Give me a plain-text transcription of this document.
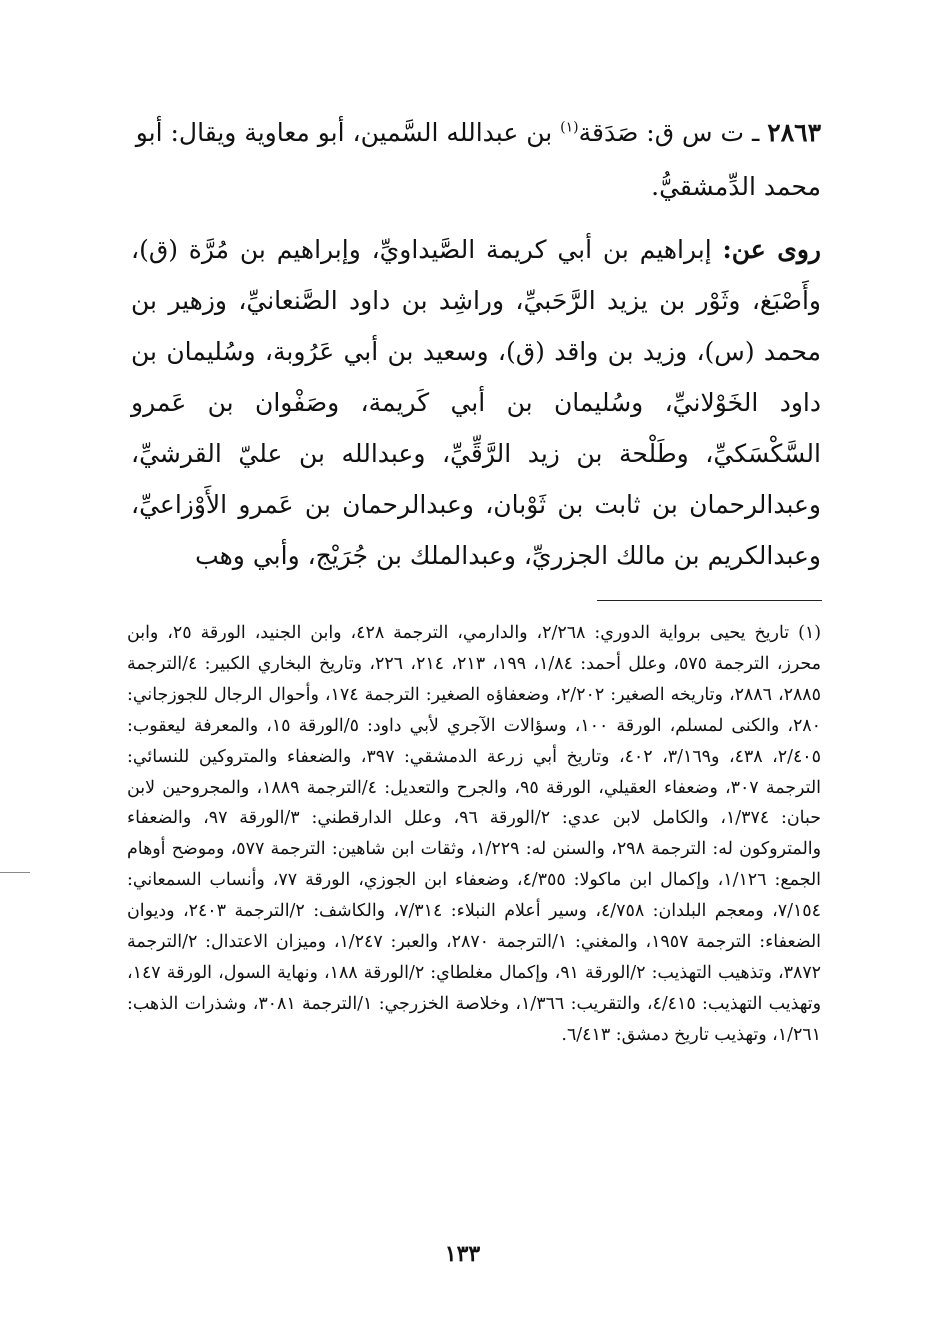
٢٨٦٣ ـ ت س ق: صَدَقة$^{(١)}$ بن عبدالله السَّمين، أبو معاوية ويقال: أبو محمد الدِّمشقيُّ.

روى عن: إبراهيم بن أبي كريمة الصَّيداويِّ، وإبراهيم بن مُرَّة (ق)، وأَصْبَغ، وثَوْر بن يزيد الرَّحَبيِّ، وراشِد بن داود الصَّنعانيِّ، وزهير بن محمد (س)، وزيد بن واقد (ق)، وسعيد بن أبي عَرُوبة، وسُليمان بن داود الخَوْلانيِّ، وسُليمان بن أبي كَريمة، وصَفْوان بن عَمرو السَّكْسَكيِّ، وطَلْحة بن زيد الرَّقِّيِّ، وعبدالله بن عليّ القرشيِّ، وعبدالرحمان بن ثابت بن ثَوْبان، وعبدالرحمان بن عَمرو الأَوْزاعيِّ، وعبدالكريم بن مالك الجزريِّ، وعبدالملك بن جُرَيْج، وأبي وهب

(١) تاريخ يحيى برواية الدوري: ٢/٢٦٨، والدارمي، الترجمة ٤٢٨، وابن الجنيد، الورقة ٢٥، وابن محرز، الترجمة ٥٧٥، وعلل أحمد: ١/٨٤، ١٩٩، ٢١٣، ٢١٤، ٢٢٦، وتاريخ البخاري الكبير: ٤/الترجمة ٢٨٨٥، ٢٨٨٦، وتاريخه الصغير: ٢/٢٠٢، وضعفاؤه الصغير: الترجمة ١٧٤، وأحوال الرجال للجوزجاني: ٢٨٠، والكنى لمسلم، الورقة ١٠٠، وسؤالات الآجري لأبي داود: ٥/الورقة ١٥، والمعرفة ليعقوب: ٢/٤٠٥، ٤٣٨، و٣/١٦٩، ٤٠٢، وتاريخ أبي زرعة الدمشقي: ٣٩٧، والضعفاء والمتروكين للنسائي: الترجمة ٣٠٧، وضعفاء العقيلي، الورقة ٩٥، والجرح والتعديل: ٤/الترجمة ١٨٨٩، والمجروحين لابن حبان: ١/٣٧٤، والكامل لابن عدي: ٢/الورقة ٩٦، وعلل الدارقطني: ٣/الورقة ٩٧، والضعفاء والمتروكون له: الترجمة ٢٩٨، والسنن له: ١/٢٢٩، وثقات ابن شاهين: الترجمة ٥٧٧، وموضح أوهام الجمع: ١/١٢٦، وإكمال ابن ماكولا: ٤/٣٥٥، وضعفاء ابن الجوزي، الورقة ٧٧، وأنساب السمعاني: ٧/١٥٤، ومعجم البلدان: ٤/٧٥٨، وسير أعلام النبلاء: ٧/٣١٤، والكاشف: ٢/الترجمة ٢٤٠٣، وديوان الضعفاء: الترجمة ١٩٥٧، والمغني: ١/الترجمة ٢٨٧٠، والعبر: ١/٢٤٧، وميزان الاعتدال: ٢/الترجمة ٣٨٧٢، وتذهيب التهذيب: ٢/الورقة ٩١، وإكمال مغلطاي: ٢/الورقة ١٨٨، ونهاية السول، الورقة ١٤٧، وتهذيب التهذيب: ٤/٤١٥، والتقريب: ١/٣٦٦، وخلاصة الخزرجي: ١/الترجمة ٣٠٨١، وشذرات الذهب: ١/٢٦١، وتهذيب تاريخ دمشق: ٦/٤١٣.

١٣٣
